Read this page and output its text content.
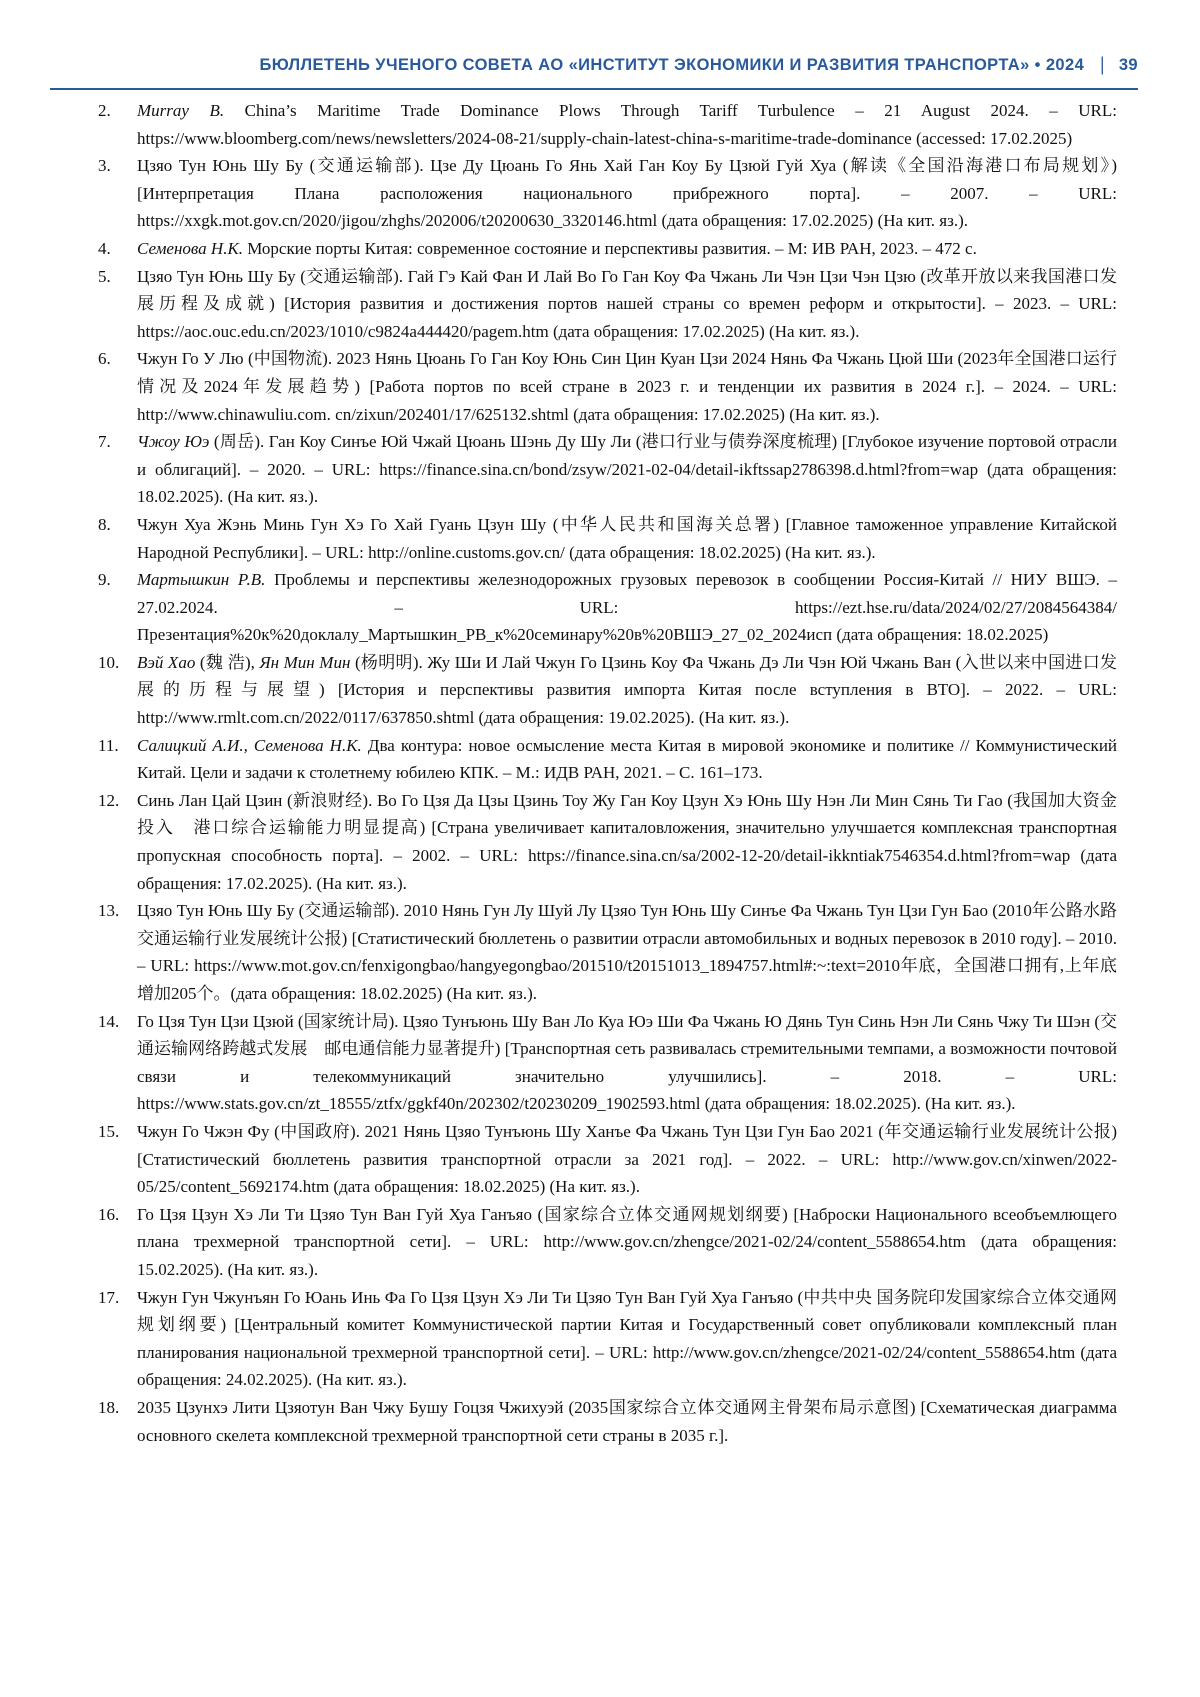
БЮЛЛЕТЕНЬ УЧЕНОГО СОВЕТА АО «ИНСТИТУТ ЭКОНОМИКИ И РАЗВИТИЯ ТРАНСПОРТА» • 2024 | 39
2.	Murray B. China’s Maritime Trade Dominance Plows Through Tariff Turbulence – 21 August 2024. – URL: https://www.bloomberg.com/news/newsletters/2024-08-21/supply-chain-latest-china-s-maritime-trade-dominance (accessed: 17.02.2025)

3.	Цзяо Тун Юнь Шу Бу (交通运输部). Цзе Ду Цюань Го Янь Хай Ган Коу Бу Цзюй Гуй Хуа (解读《全国沿海港口布局规划》) [Интерпретация Плана расположения национального прибрежного порта]. – 2007. – URL: https://xxgk.mot.gov.cn/2020/jigou/zhghs/202006/t20200630_3320146.html (дата обращения: 17.02.2025) (На кит. яз.).

4.	Семенова Н.К. Морские порты Китая: современное состояние и перспективы развития. – М: ИВ РАН, 2023. – 472 с.

5.	Цзяо Тун Юнь Шу Бу (交通运输部). Гай Гэ Кай Фан И Лай Во Го Ган Коу Фа Чжань Ли Чэн Цзи Чэн Цзю (改革开放以来我国港口发展历程及成就) [История развития и достижения портов нашей страны со времен реформ и открытости]. – 2023. – URL: https://aoc.ouc.edu.cn/2023/1010/c9824a444420/pagem.htm (дата обращения: 17.02.2025) (На кит. яз.).

6.	Чжун Го У Лю (中国物流). 2023 Нянь Цюань Го Ган Коу Юнь Син Цин Куан Цзи 2024 Нянь Фа Чжань Цюй Ши (2023年全国港口运行情况及2024年发展趋势) [Работа портов по всей стране в 2023 г. и тенденции их развития в 2024 г.]. – 2024. – URL: http://www.chinawuliu.com. cn/zixun/202401/17/625132.shtml (дата обращения: 17.02.2025) (На кит. яз.).

7.	Чжоу Юэ (周岳). Ган Коу Синъе Юй Чжай Цюань Шэнь Ду Шу Ли (港口行业与债券深度梳理) [Глубокое изучение портовой отрасли и облигаций]. – 2020. – URL: https://finance.sina.cn/bond/zsyw/2021-02-04/detail-ikftssap2786398.d.html?from=wap (дата обращения: 18.02.2025). (На кит. яз.).

8.	Чжун Хуа Жэнь Минь Гун Хэ Го Хай Гуань Цзун Шу (中华人民共和国海关总署) [Главное таможенное управление Китайской Народной Республики]. – URL: http://online.customs.gov.cn/ (дата обращения: 18.02.2025) (На кит. яз.).

9.	Мартышкин Р.В. Проблемы и перспективы железнодорожных грузовых перевозок в сообщении Россия-Китай // НИУ ВШЭ. – 27.02.2024. – URL: https://ezt.hse.ru/data/2024/02/27/2084564384/Презентация%20к%20доклалу_Мартышкин_РВ_к%20семинару%20в%20ВШЭ_27_02_2024исп (дата обращения: 18.02.2025)

10.	Вэй Хао (魏 浩), Ян Мин Мин (杨明明). Жу Ши И Лай Чжун Го Цзинь Коу Фа Чжань Дэ Ли Чэн Юй Чжань Ван (入世以来中国进口发展的历程与展望) [История и перспективы развития импорта Китая после вступления в ВТО]. – 2022. – URL: http://www.rmlt.com.cn/2022/0117/637850.shtml (дата обращения: 19.02.2025). (На кит. яз.).

11.	Салицкий А.И., Семенова Н.К. Два контура: новое осмысление места Китая в мировой экономике и политике // Коммунистический Китай. Цели и задачи к столетнему юбилею КПК. – М.: ИДВ РАН, 2021. – С. 161–173.

12.	Синь Лан Цай Цзин (新浪财经). Во Го Цзя Да Цзы Цзинь Тоу Жу Ган Коу Цзун Хэ Юнь Шу Нэн Ли Мин Сянь Ти Гао (我国加大资金投入　港口综合运输能力明显提高) [Страна увеличивает капиталовложения, значительно улучшается комплексная транспортная пропускная способность порта]. – 2002. – URL: https://finance.sina.cn/sa/2002-12-20/detail-ikkntiak7546354.d.html?from=wap (дата обращения: 17.02.2025). (На кит. яз.).

13.	Цзяо Тун Юнь Шу Бу (交通运输部). 2010 Нянь Гун Лу Шуй Лу Цзяо Тун Юнь Шу Синъе Фа Чжань Тун Цзи Гун Бао (2010年公路水路交通运输行业发展统计公报) [Статистический бюллетень о развитии отрасли автомобильных и водных перевозок в 2010 году]. – 2010. – URL: https://www.mot.gov.cn/fenxigongbao/hangyegongbao/201510/t20151013_1894757.html#:~:text=2010年底，全国港口拥有,上年底增加205个。(дата обращения: 18.02.2025) (На кит. яз.).

14.	Го Цзя Тун Цзи Цзюй (国家统计局). Цзяо Тунъюнь Шу Ван Ло Куа Юэ Ши Фа Чжань Ю Дянь Тун Синь Нэн Ли Сянь Чжу Ти Шэн (交通运输网络跨越式发展　邮电通信能力显著提升) [Транспортная сеть развивалась стремительными темпами, а возможности почтовой связи и телекоммуникаций значительно улучшились]. – 2018. – URL: https://www.stats.gov.cn/zt_18555/ztfx/ggkf40n/202302/t20230209_1902593.html (дата обращения: 18.02.2025). (На кит. яз.).

15.	Чжун Го Чжэн Фу (中国政府). 2021 Нянь Цзяо Тунъюнь Шу Ханъе Фа Чжань Тун Цзи Гун Бао 2021 (年交通运输行业发展统计公报) [Статистический бюллетень развития транспортной отрасли за 2021 год]. – 2022. – URL: http://www.gov.cn/xinwen/2022-05/25/content_5692174.htm (дата обращения: 18.02.2025) (На кит. яз.).

16.	Го Цзя Цзун Хэ Ли Ти Цзяо Тун Ван Гуй Хуа Ганъяо (国家综合立体交通网规划纲要) [Наброски Национального всеобъемлющего плана трехмерной транспортной сети]. – URL: http://www.gov.cn/zhengce/2021-02/24/content_5588654.htm (дата обращения: 15.02.2025). (На кит. яз.).

17.	Чжун Гун Чжунъян Го Юань Инь Фа Го Цзя Цзун Хэ Ли Ти Цзяо Тун Ван Гуй Хуа Ганъяо (中共中央 国务院印发国家综合立体交通网规划纲要) [Центральный комитет Коммунистической партии Китая и Государственный совет опубликовали комплексный план планирования национальной трехмерной транспортной сети]. – URL: http://www.gov.cn/zhengce/2021-02/24/content_5588654.htm (дата обращения: 24.02.2025). (На кит. яз.).

18.	2035 Цзунхэ Лити Цзяотун Ван Чжу Бушу Гоцзя Чжихуэй (2035国家综合立体交通网主骨架布局示意图) [Схематическая диаграмма основного скелета комплексной трехмерной транспортной сети страны в 2035 г.].
